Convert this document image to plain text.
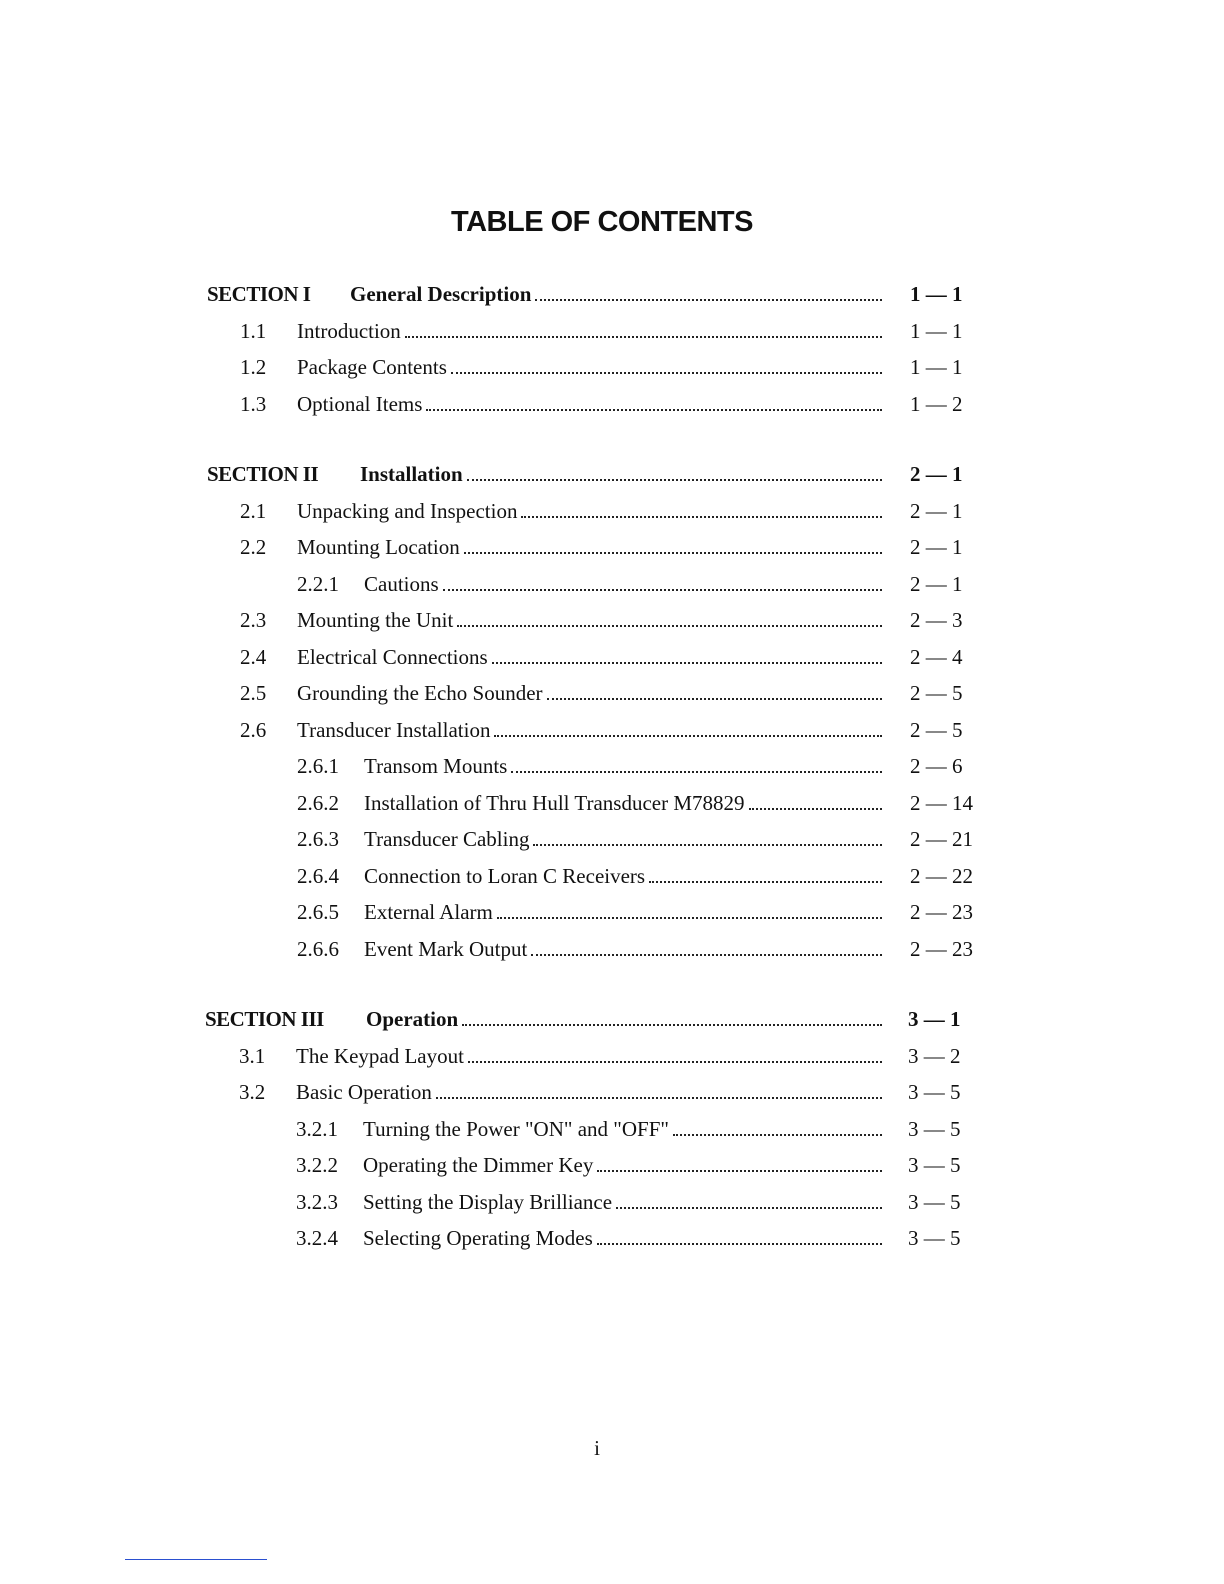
TABLE OF CONTENTS
SECTION I General Description	1 — 1
1.1 Introduction	1 — 1
1.2 Package Contents	1 — 1
1.3 Optional Items	1 — 2
SECTION II Installation	2 — 1
2.1 Unpacking and Inspection	2 — 1
2.2 Mounting Location	2 — 1
2.2.1 Cautions	2 — 1
2.3 Mounting the Unit	2 — 3
2.4 Electrical Connections	2 — 4
2.5 Grounding the Echo Sounder	2 — 5
2.6 Transducer Installation	2 — 5
2.6.1 Transom Mounts	2 — 6
2.6.2 Installation of Thru Hull Transducer M78829	2 — 14
2.6.3 Transducer Cabling	2 — 21
2.6.4 Connection to Loran C Receivers	2 — 22
2.6.5 External Alarm	2 — 23
2.6.6 Event Mark Output	2 — 23
SECTION III Operation	3 — 1
3.1 The Keypad Layout	3 — 2
3.2 Basic Operation	3 — 5
3.2.1 Turning the Power "ON" and "OFF"	3 — 5
3.2.2 Operating the Dimmer Key	3 — 5
3.2.3 Setting the Display Brilliance	3 — 5
3.2.4 Selecting Operating Modes	3 — 5
i
